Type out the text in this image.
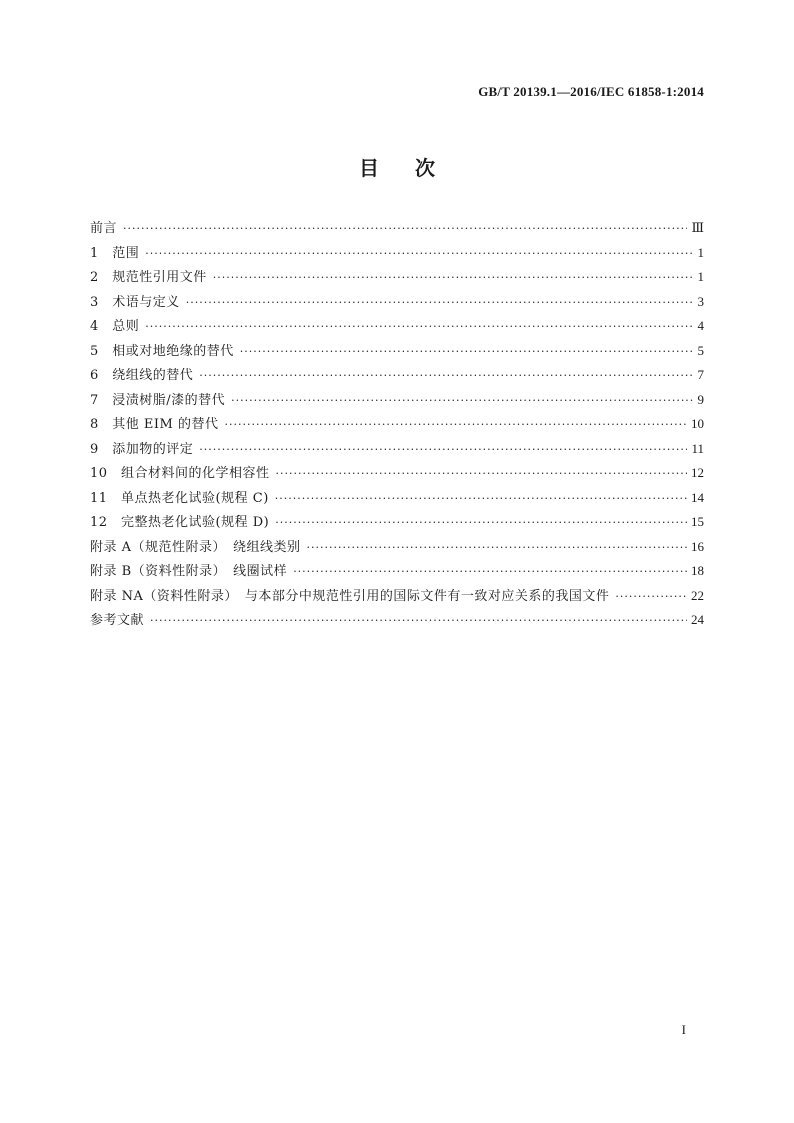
GB/T 20139.1—2016/IEC 61858-1:2014
目次
前言 ·····	Ⅲ
1　范围 ·····	1
2　规范性引用文件 ·····	1
3　术语与定义 ·····	3
4　总则 ·····	4
5　相或对地绝缘的替代 ·····	5
6　绕组线的替代 ·····	7
7　浸渍树脂/漆的替代 ·····	9
8　其他 EIM 的替代 ·····	10
9　添加物的评定 ·····	11
10　组合材料间的化学相容性 ·····	12
11　单点热老化试验(规程 C) ·····	14
12　完整热老化试验(规程 D) ·····	15
附录 A（规范性附录）　绕组线类别 ·····	16
附录 B（资料性附录）　线圈试样 ·····	18
附录 NA（资料性附录）　与本部分中规范性引用的国际文件有一致对应关系的我国文件 ·····	22
参考文献 ·····	24
I
